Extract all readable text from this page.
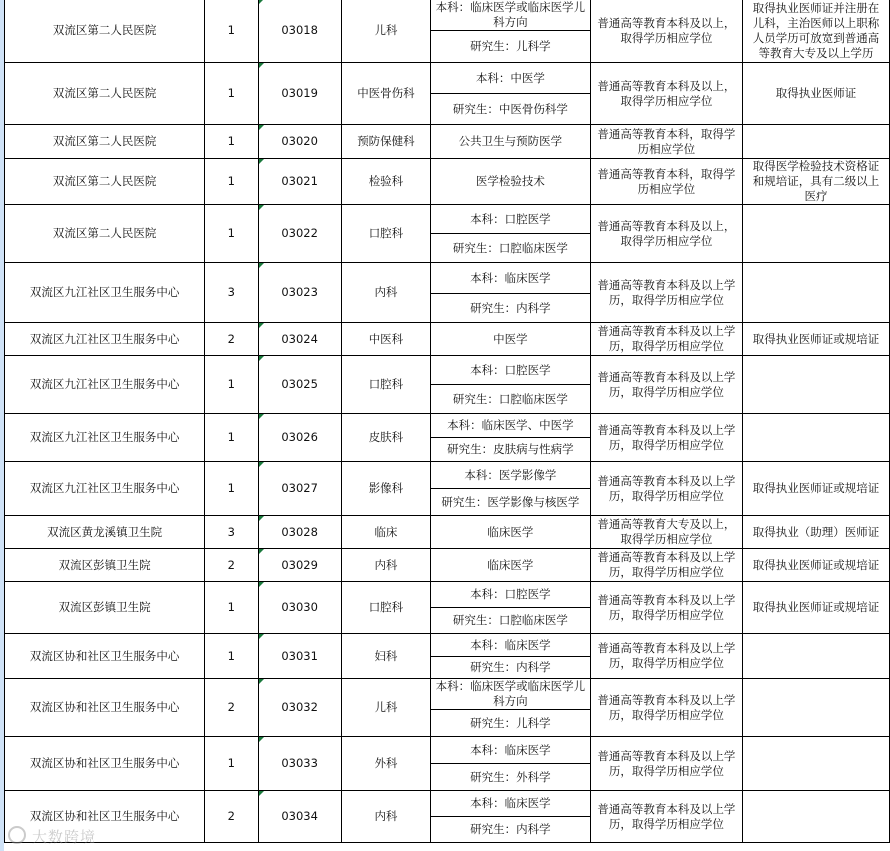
双流区第二人民医院	1	03018	儿科	本科：临床医学或临床医学儿科方向	普通高等教育本科及以上，取得学历相应学位	取得执业医师证并注册在儿科，主治医师以上职称人员学历可放宽到普通高等教育大专及以上学历
				研究生：儿科学		
双流区第二人民医院	1	03019	中医骨伤科	本科：中医学	普通高等教育本科及以上，取得学历相应学位	取得执业医师证
				研究生：中医骨伤科学		
双流区第二人民医院	1	03020	预防保健科	公共卫生与预防医学	普通高等教育本科，取得学历相应学位	
双流区第二人民医院	1	03021	检验科	医学检验技术	普通高等教育本科，取得学历相应学位	取得医学检验技术资格证和规培证，具有二级以上医疗
双流区第二人民医院	1	03022	口腔科	本科：口腔医学	普通高等教育本科及以上，取得学历相应学位	
				研究生：口腔临床医学		
双流区九江社区卫生服务中心	3	03023	内科	本科：临床医学	普通高等教育本科及以上学历，取得学历相应学位	
				研究生：内科学		
双流区九江社区卫生服务中心	2	03024	中医科	中医学	普通高等教育本科及以上学历，取得学历相应学位	取得执业医师证或规培证
双流区九江社区卫生服务中心	1	03025	口腔科	本科：口腔医学	普通高等教育本科及以上学历，取得学历相应学位	
				研究生：口腔临床医学		
双流区九江社区卫生服务中心	1	03026	皮肤科	本科：临床医学、中医学	普通高等教育本科及以上学历，取得学历相应学位	
				研究生：皮肤病与性病学		
双流区九江社区卫生服务中心	1	03027	影像科	本科：医学影像学	普通高等教育本科及以上学历，取得学历相应学位	取得执业医师证或规培证
				研究生：医学影像与核医学		
双流区黄龙溪镇卫生院	3	03028	临床	临床医学	普通高等教育大专及以上，取得学历相应学位	取得执业（助理）医师证
双流区彭镇卫生院	2	03029	内科	临床医学	普通高等教育本科及以上学历，取得学历相应学位	取得执业医师证或规培证
双流区彭镇卫生院	1	03030	口腔科	本科：口腔医学	普通高等教育本科及以上学历，取得学历相应学位	取得执业医师证或规培证
				研究生：口腔临床医学		
双流区协和社区卫生服务中心	1	03031	妇科	本科：临床医学	普通高等教育本科及以上学历，取得学历相应学位	
				研究生：内科学		
双流区协和社区卫生服务中心	2	03032	儿科	本科：临床医学或临床医学儿科方向	普通高等教育本科及以上学历，取得学历相应学位	
				研究生：儿科学		
双流区协和社区卫生服务中心	1	03033	外科	本科：临床医学	普通高等教育本科及以上学历，取得学历相应学位	
				研究生：外科学		
双流区协和社区卫生服务中心	2	03034	内科	本科：临床医学	普通高等教育本科及以上学历，取得学历相应学位	
				研究生：内科学		
大数跨境
